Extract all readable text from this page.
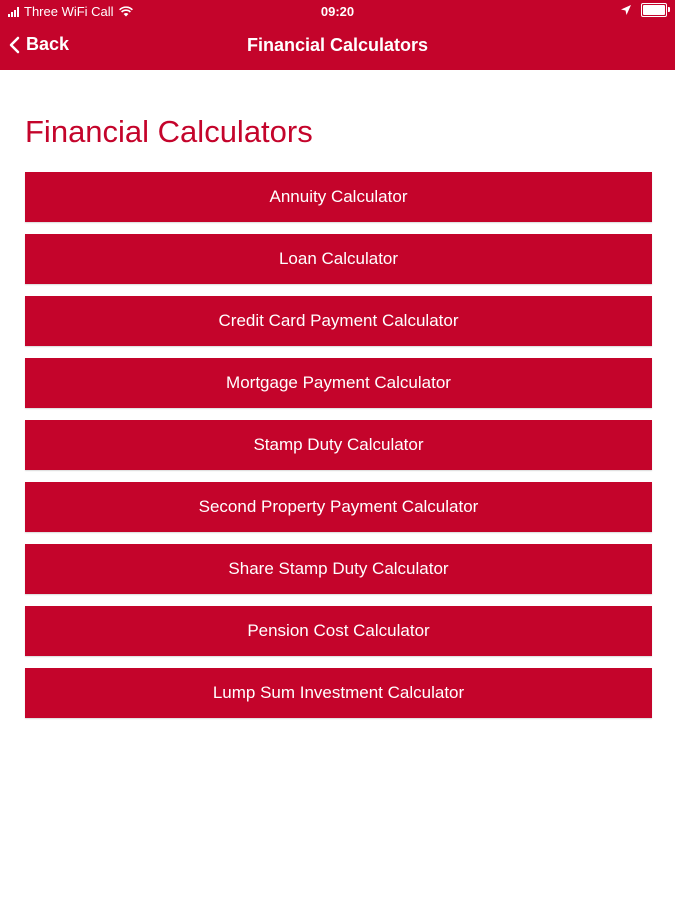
Three WiFi Call	09:20
Back	Financial Calculators
Financial Calculators
Annuity Calculator
Loan Calculator
Credit Card Payment Calculator
Mortgage Payment Calculator
Stamp Duty Calculator
Second Property Payment Calculator
Share Stamp Duty Calculator
Pension Cost Calculator
Lump Sum Investment Calculator
